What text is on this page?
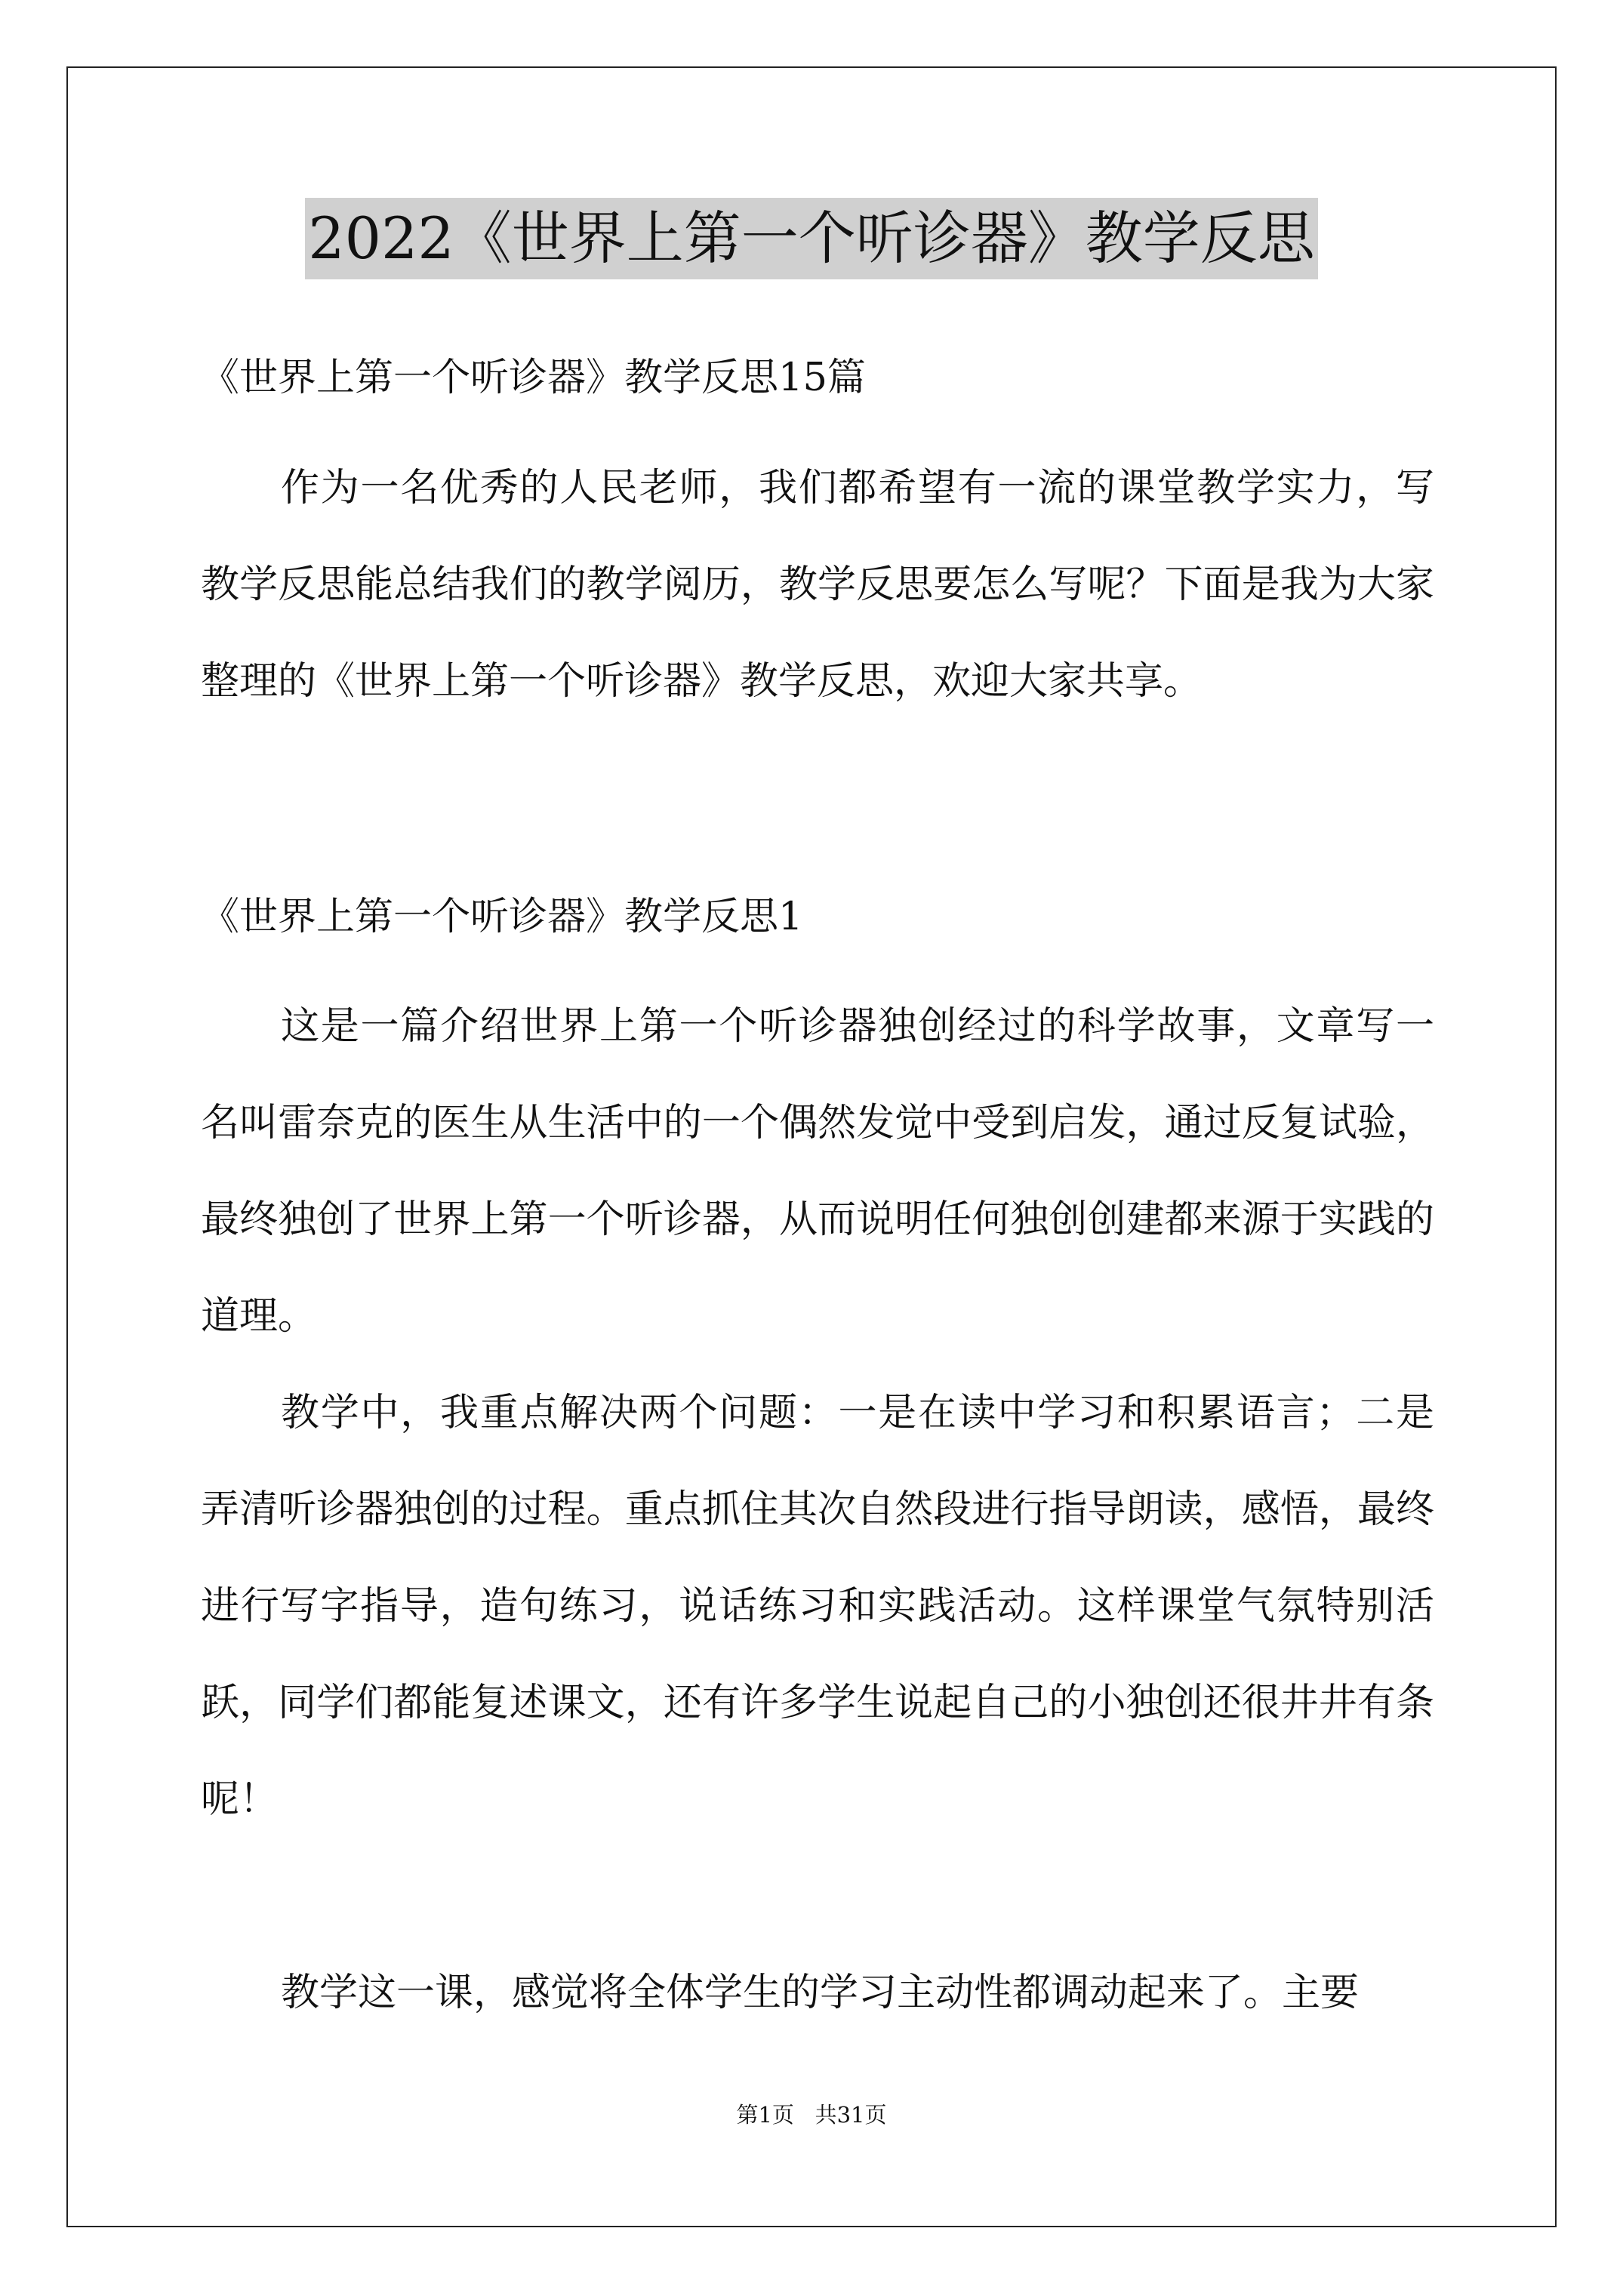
2022《世界上第一个听诊器》教学反思
《世界上第一个听诊器》教学反思15篇

作为一名优秀的人民老师，我们都希望有一流的课堂教学实力，写教学反思能总结我们的教学阅历，教学反思要怎么写呢？下面是我为大家整理的《世界上第一个听诊器》教学反思，欢迎大家共享。

《世界上第一个听诊器》教学反思1

这是一篇介绍世界上第一个听诊器独创经过的科学故事，文章写一名叫雷奈克的医生从生活中的一个偶然发觉中受到启发，通过反复试验，最终独创了世界上第一个听诊器，从而说明任何独创创建都来源于实践的道理。

教学中，我重点解决两个问题：一是在读中学习和积累语言；二是弄清听诊器独创的过程。重点抓住其次自然段进行指导朗读，感悟，最终进行写字指导，造句练习，说话练习和实践活动。这样课堂气氛特别活跃，同学们都能复述课文，还有许多学生说起自己的小独创还很井井有条呢！

教学这一课，感觉将全体学生的学习主动性都调动起来了。主要

第1页   共31页
